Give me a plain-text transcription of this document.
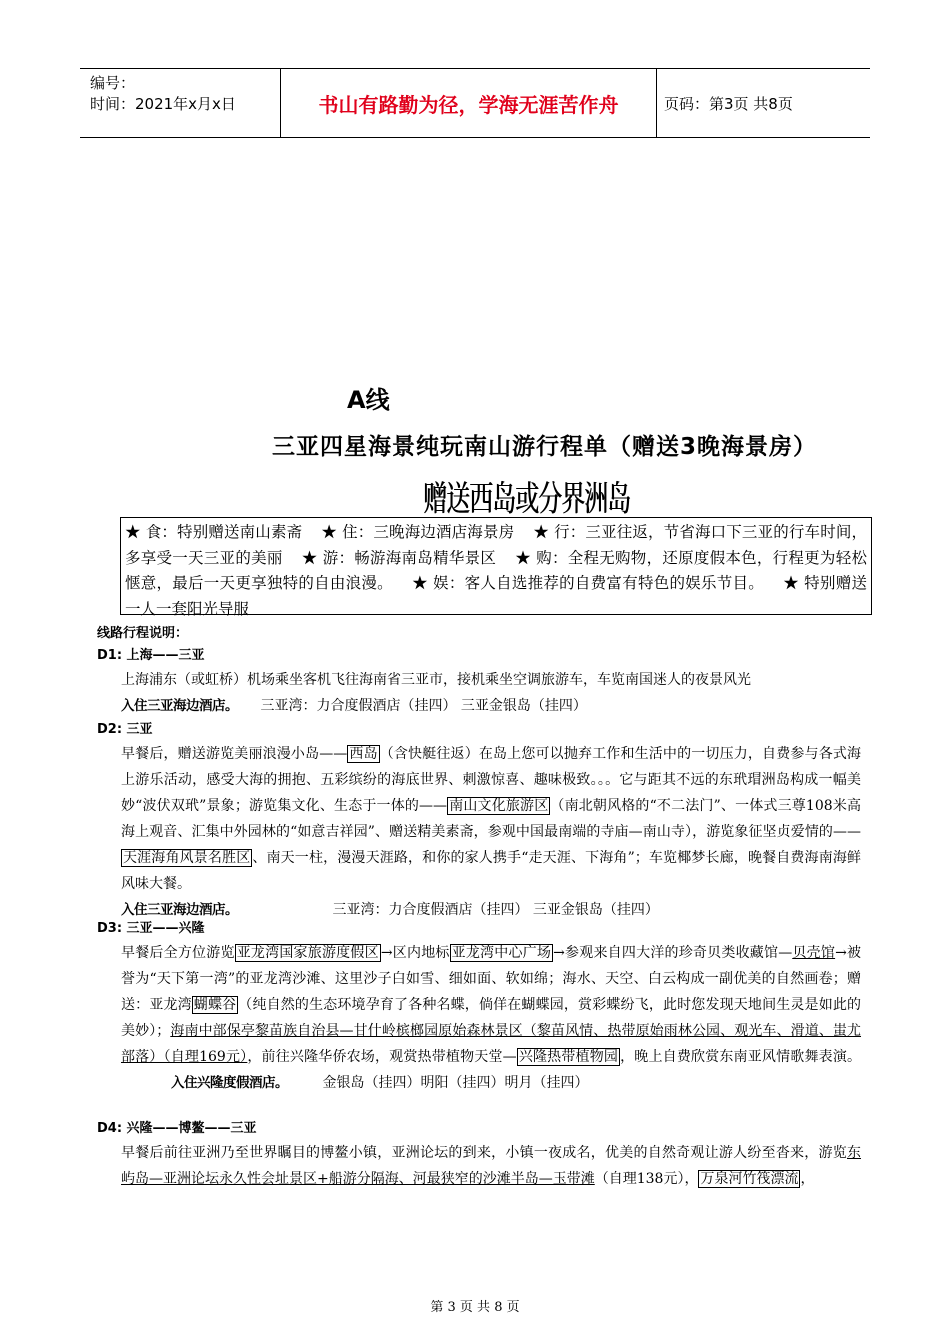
编号：
时间：2021年x月x日	书山有路勤为径，学海无涯苦作舟	页码：第3页 共8页
A线
三亚四星海景纯玩南山游行程单（赠送3晚海景房）
赠送西岛或分界洲岛
★ 食：特别赠送南山素斋 ★ 住：三晚海边酒店海景房 ★ 行：三亚往返，节省海口下三亚的行车时间，多享受一天三亚的美丽 ★ 游：畅游海南岛精华景区 ★ 购：全程无购物，还原度假本色，行程更为轻松惬意，最后一天更享独特的自由浪漫。 ★ 娱：客人自选推荐的自费富有特色的娱乐节目。 ★ 特别赠送一人一套阳光导服
线路行程说明：
D1: 上海——三亚
上海浦东（或虹桥）机场乘坐客机飞往海南省三亚市，接机乘坐空调旅游车，车览南国迷人的夜景风光
入住三亚海边酒店。 三亚湾：力合度假酒店（挂四） 三亚金银岛（挂四）
D2: 三亚
早餐后，赠送游览美丽浪漫小岛—— 西岛 （含快艇往返）在岛上您可以抛弃工作和生活中的一切压力，自费参与各式海上游乐活动，感受大海的拥抱、五彩缤纷的海底世界、刺激惊喜、趣味极致。。。它与距其不远的东玳瑁洲岛构成一幅美妙“波伏双玳”景象；游览集文化、生态于一体的—— 南山文化旅游区 （南北朝风格的“不二法门”、一体式三尊108米高海上观音、汇集中外园林的“如意吉祥园”、赠送精美素斋，参观中国最南端的寺庙—南山寺），游览象征坚贞爱情的——天涯海角风景名胜区 、南天一柱，漫漫天涯路，和你的家人携手“走天涯、下海角”；车览椰梦长廊，晚餐自费海南海鲜风味大餐。
入住三亚海边酒店。	三亚湾：力合度假酒店（挂四） 三亚金银岛（挂四）
D3: 三亚——兴隆
早餐后全方位游览 亚龙湾国家旅游度假区 →区内地标 亚龙湾中心广场 →参观来自四大洋的珍奇贝类收藏馆—贝壳馆→被誉为“天下第一湾”的亚龙湾沙滩、这里沙子白如雪、细如面、软如绵；海水、天空、白云构成一副优美的自然画卷；赠送：亚龙湾 蝴蝶谷 （纯自然的生态环境孕育了各种名蝶，倘佯在蝴蝶园，赏彩蝶纷飞，此时您发现天地间生灵是如此的美妙）；海南中部保亭黎苗族自治县—甘什岭槟榔园原始森林景区（黎苗风情、热带原始雨林公园、观光车、滑道、蚩尤部落）（自理169元），前往兴隆华侨农场，观赏热带植物天堂— 兴隆热带植物园 ，晚上自费欣赏东南亚风情歌舞表演。 入住兴隆度假酒店。 金银岛（挂四）明阳（挂四）明月（挂四）
D4: 兴隆——博鳌——三亚
早餐后前往亚洲乃至世界瞩目的博鳌小镇，亚洲论坛的到来，小镇一夜成名，优美的自然奇观让游人纷至沓来，游览东屿岛—亚洲论坛永久性会址景区+船游分隔海、河最狭窄的沙滩半岛—玉带滩（自理138元）， 万泉河竹筏漂流 ，
第 3 页 共 8 页
